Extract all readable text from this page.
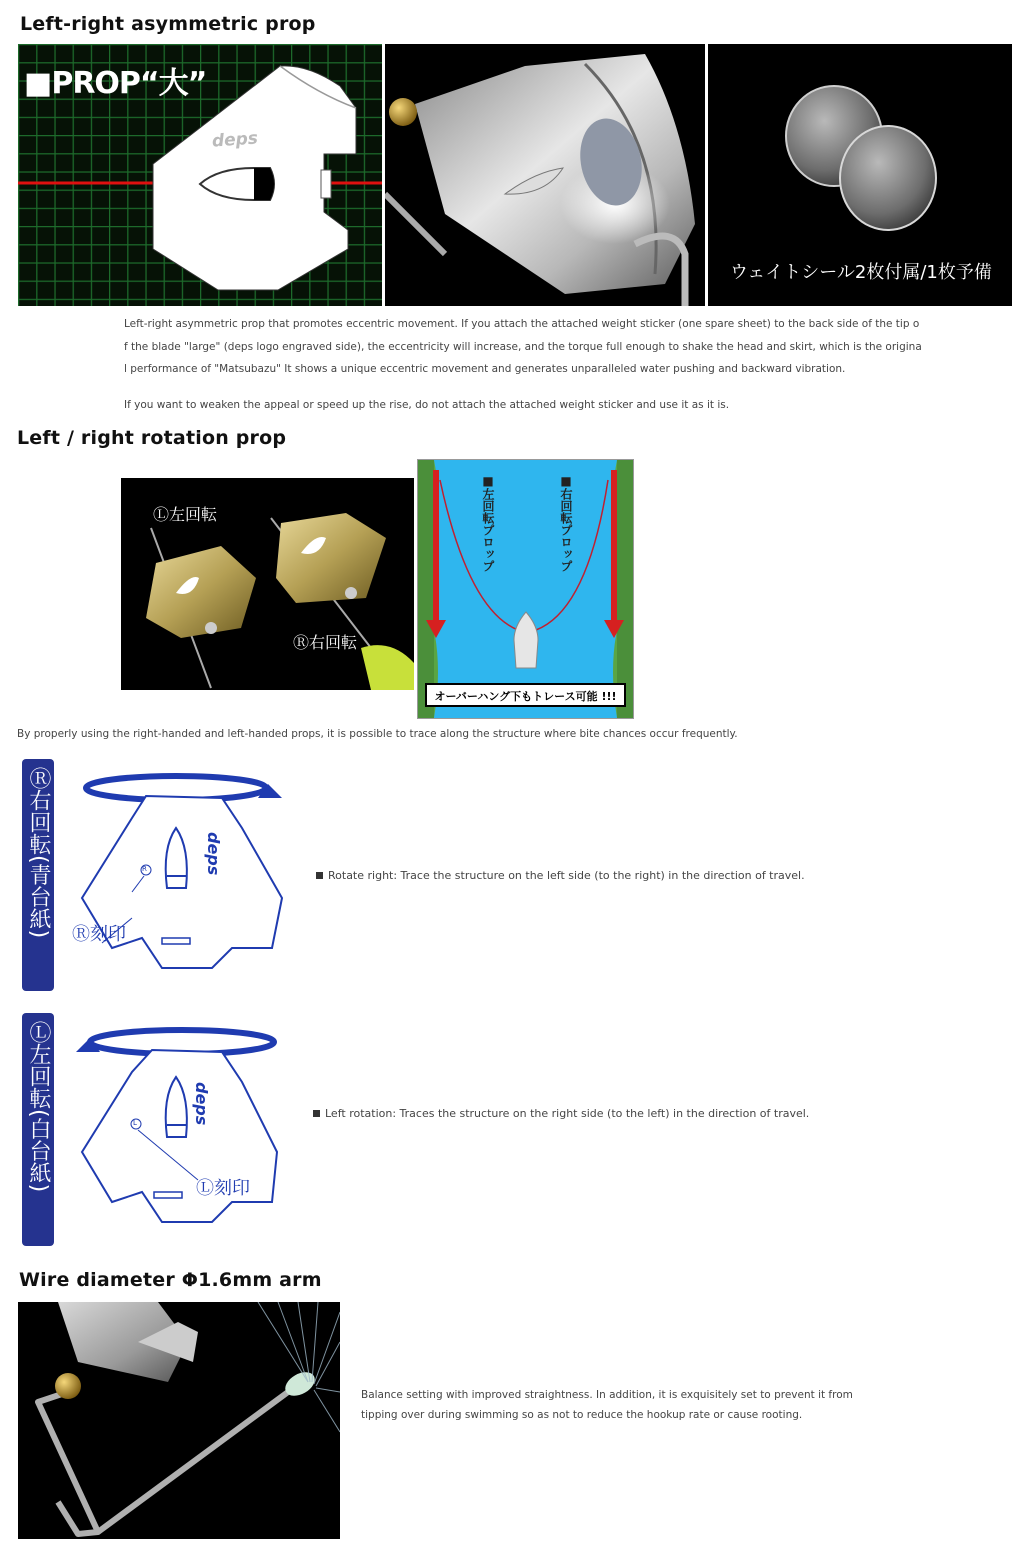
Left-right asymmetric prop
■PROP“大”
deps
ウェイトシール2枚付属/1枚予備
Left-right asymmetric prop that promotes eccentric movement. If you attach the attached weight sticker (one spare sheet) to the back side of the tip o
f the blade "large" (deps logo engraved side), the eccentricity will increase, and the torque full enough to shake the head and skirt, which is the origina
l performance of "Matsubazu" It shows a unique eccentric movement and generates unparalleled water pushing and backward vibration.
If you want to weaken the appeal or speed up the rise, do not attach the attached weight sticker and use it as it is.
Left / right rotation prop
Ⓛ左回転
Ⓡ右回転
■左回転プロップ	■右回転プロップ
オーバーハング下もトレース可能 !!!
By properly using the right-handed and left-handed props, it is possible to trace along the structure where bite chances occur frequently.
Ⓡ右回転(青台紙)	R	deps
Ⓡ刻印
Rotate right: Trace the structure on the left side (to the right) in the direction of travel.
Ⓛ左回転(白台紙)	L	deps
Ⓛ刻印
Left rotation: Traces the structure on the right side (to the left) in the direction of travel.
Wire diameter Φ1.6mm arm
Balance setting with improved straightness. In addition, it is exquisitely set to prevent it from
tipping over during swimming so as not to reduce the hookup rate or cause rooting.
